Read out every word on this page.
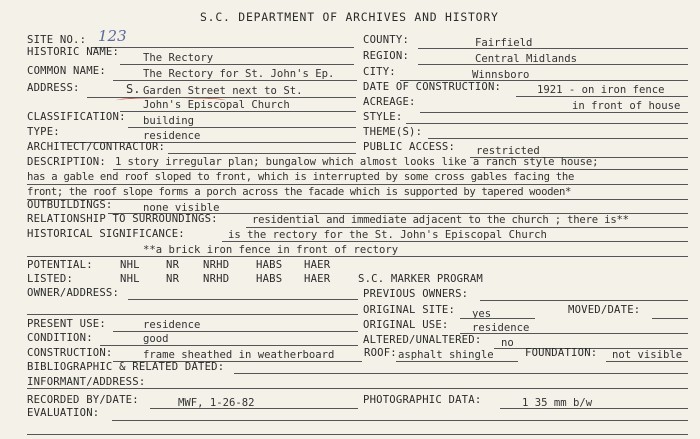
S.C. DEPARTMENT OF ARCHIVES AND HISTORY
SITE NO.: 123
HISTORIC NAME: The Rectory
COMMON NAME:	The Rectory for St. John's Ep.
ADDRESS:	S. Garden Street next to St.
John's Episcopal Church
CLASSIFICATION: building
TYPE:	residence
ARCHITECT/CONTRACTOR:
COUNTY:	Fairfield
REGION:	Central Midlands
CITY:	Winnsboro
DATE OF CONSTRUCTION:	1921 - on iron fence
ACREAGE:	in front of house
STYLE:
THEME(S):
PUBLIC ACCESS: restricted
DESCRIPTION: 1 story irregular plan; bungalow which almost looks like a ranch style house;
has a gable end roof sloped to front, which is interrupted by some cross gables facing the
front; the roof slope forms a porch across the facade which is supported by tapered wooden*
OUTBUILDINGS:	none visible
RELATIONSHIP TO SURROUNDINGS:	residential and immediate adjacent to the church ; there is**
HISTORICAL SIGNIFICANCE:	is the rectory for the St. John's Episcopal Church
**a brick iron fence in front of rectory
POTENTIAL:	NHL NR NRHD	HABS HAER
LISTED:	NHL NR NRHD	HABS HAER	S.C. MARKER PROGRAM
OWNER/ADDRESS:	PREVIOUS OWNERS:
ORIGINAL SITE: yes	MOVED/DATE:
PRESENT USE:	residence	ORIGINAL USE: residence
CONDITION:	good	ALTERED/UNALTERED: no
CONSTRUCTION:	frame sheathed in weatherboard	ROOF: asphalt shingle	FOUNDATION: not visible
BIBLIOGRAPHIC & RELATED DATED:
INFORMANT/ADDRESS:
RECORDED BY/DATE:	MWF, 1-26-82	PHOTOGRAPHIC DATA:	1 35 mm b/w
EVALUATION:
